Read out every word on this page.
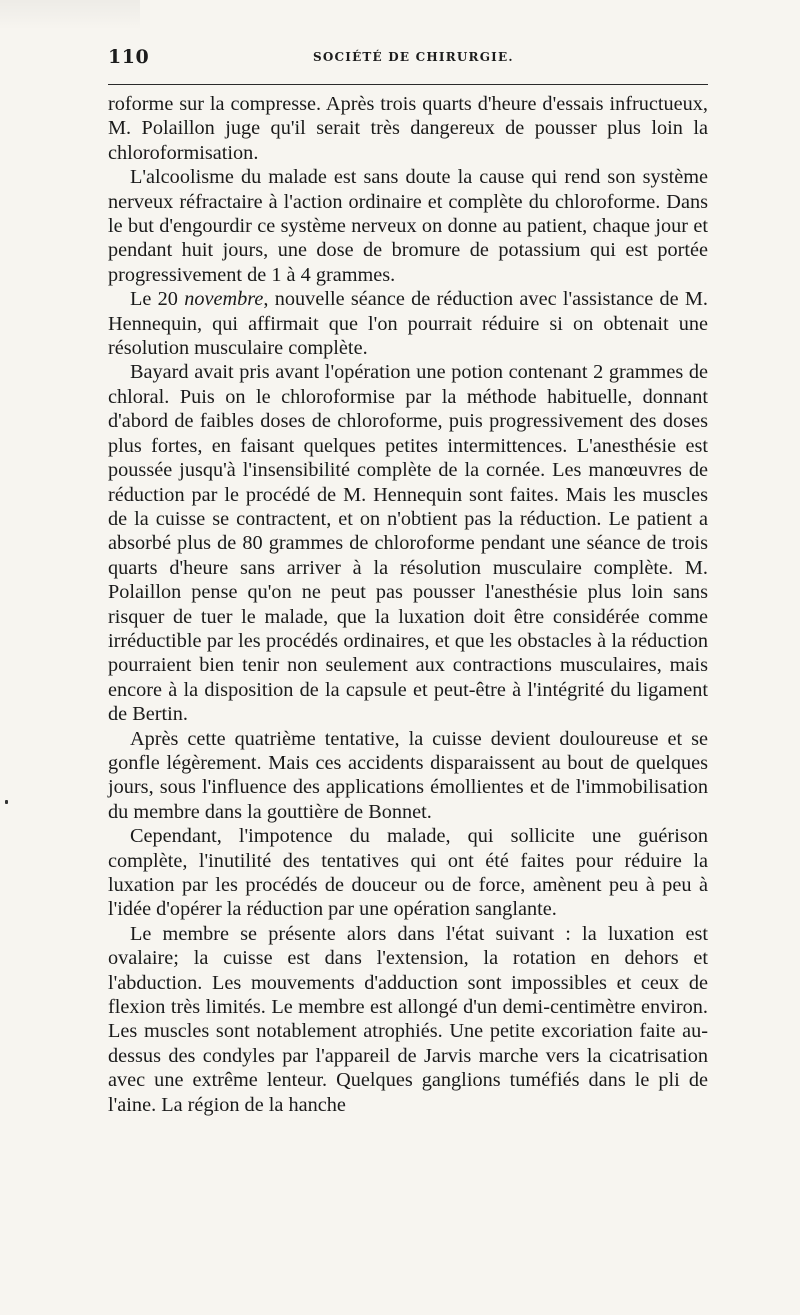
110	SOCIÉTÉ DE CHIRURGIE.

roforme sur la compresse. Après trois quarts d'heure d'essais infructueux, M. Polaillon juge qu'il serait très dangereux de pousser plus loin la chloroformisation.

L'alcoolisme du malade est sans doute la cause qui rend son système nerveux réfractaire à l'action ordinaire et complète du chloroforme. Dans le but d'engourdir ce système nerveux on donne au patient, chaque jour et pendant huit jours, une dose de bromure de potassium qui est portée progressivement de 1 à 4 grammes.

Le 20 novembre, nouvelle séance de réduction avec l'assistance de M. Hennequin, qui affirmait que l'on pourrait réduire si on obtenait une résolution musculaire complète.

Bayard avait pris avant l'opération une potion contenant 2 grammes de chloral. Puis on le chloroformise par la méthode habituelle, donnant d'abord de faibles doses de chloroforme, puis progressivement des doses plus fortes, en faisant quelques petites intermittences. L'anesthésie est poussée jusqu'à l'insensibilité complète de la cornée. Les manœuvres de réduction par le procédé de M. Hennequin sont faites. Mais les muscles de la cuisse se contractent, et on n'obtient pas la réduction. Le patient a absorbé plus de 80 grammes de chloroforme pendant une séance de trois quarts d'heure sans arriver à la résolution musculaire complète. M. Polaillon pense qu'on ne peut pas pousser l'anesthésie plus loin sans risquer de tuer le malade, que la luxation doit être considérée comme irréductible par les procédés ordinaires, et que les obstacles à la réduction pourraient bien tenir non seulement aux contractions musculaires, mais encore à la disposition de la capsule et peut-être à l'intégrité du ligament de Bertin.

Après cette quatrième tentative, la cuisse devient douloureuse et se gonfle légèrement. Mais ces accidents disparaissent au bout de quelques jours, sous l'influence des applications émollientes et de l'immobilisation du membre dans la gouttière de Bonnet.

Cependant, l'impotence du malade, qui sollicite une guérison complète, l'inutilité des tentatives qui ont été faites pour réduire la luxation par les procédés de douceur ou de force, amènent peu à peu à l'idée d'opérer la réduction par une opération sanglante.

Le membre se présente alors dans l'état suivant : la luxation est ovalaire; la cuisse est dans l'extension, la rotation en dehors et l'abduction. Les mouvements d'adduction sont impossibles et ceux de flexion très limités. Le membre est allongé d'un demi-centimètre environ. Les muscles sont notablement atrophiés. Une petite excoriation faite au-dessus des condyles par l'appareil de Jarvis marche vers la cicatrisation avec une extrême lenteur. Quelques ganglions tuméfiés dans le pli de l'aine. La région de la hanche
